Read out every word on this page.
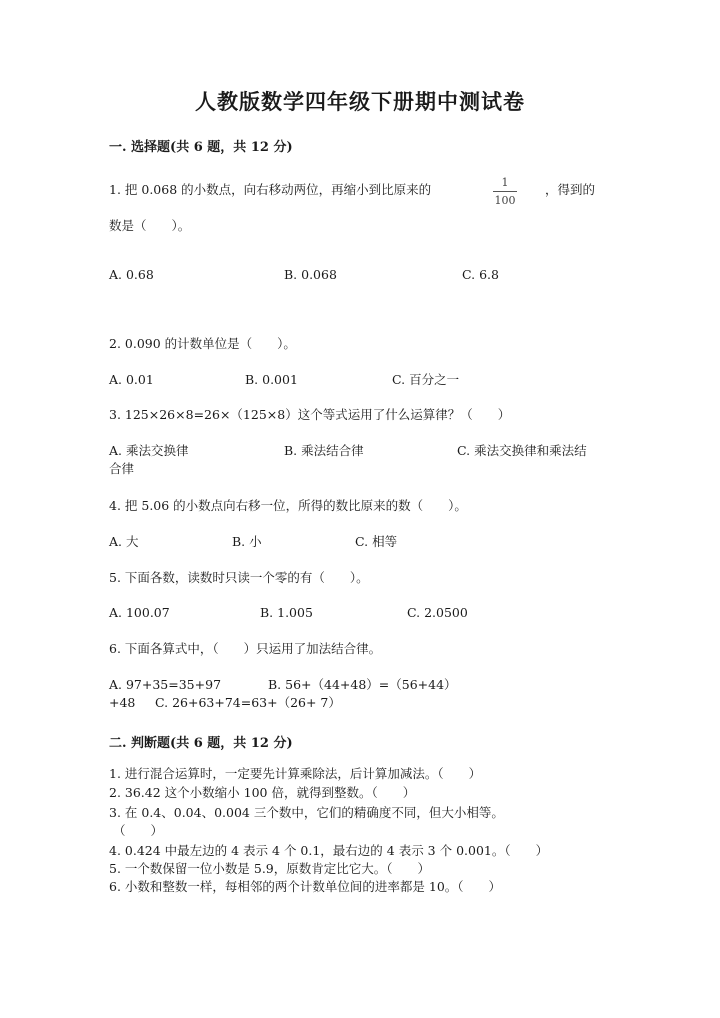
人教版数学四年级下册期中测试卷
一. 选择题(共 6 题，共 12 分)
1. 把 0.068 的小数点，向右移动两位，再缩小到比原来的	1
100
，得到的
数是（　　）。
A. 0.68	B. 0.068	C. 6.8
2. 0.090 的计数单位是（　　）。
A. 0.01	B. 0.001	C. 百分之一
3. 125×26×8=26×（125×8）这个等式运用了什么运算律？（　　）
A. 乘法交换律	B. 乘法结合律	C. 乘法交换律和乘法结
合律
4. 把 5.06 的小数点向右移一位，所得的数比原来的数（　　）。
A. 大	B. 小	C. 相等
5. 下面各数，读数时只读一个零的有（　　）。
A. 100.07	B. 1.005	C. 2.0500
6. 下面各算式中，（　　）只运用了加法结合律。
A. 97+35=35+97	B. 56+（44+48）=（56+44）
+48 C. 26+63+74=63+（26+ 7）
二. 判断题(共 6 题，共 12 分)
1. 进行混合运算时，一定要先计算乘除法，后计算加减法。（　　）
2. 36.42 这个小数缩小 100 倍，就得到整数。（　　）
3. 在 0.4、0.04、0.004 三个数中，它们的精确度不同，但大小相等。
（　　）
4. 0.424 中最左边的 4 表示 4 个 0.1，最右边的 4 表示 3 个 0.001。（　　）
5. 一个数保留一位小数是 5.9，原数肯定比它大。（　　）
6. 小数和整数一样，每相邻的两个计数单位间的进率都是 10。（　　）
